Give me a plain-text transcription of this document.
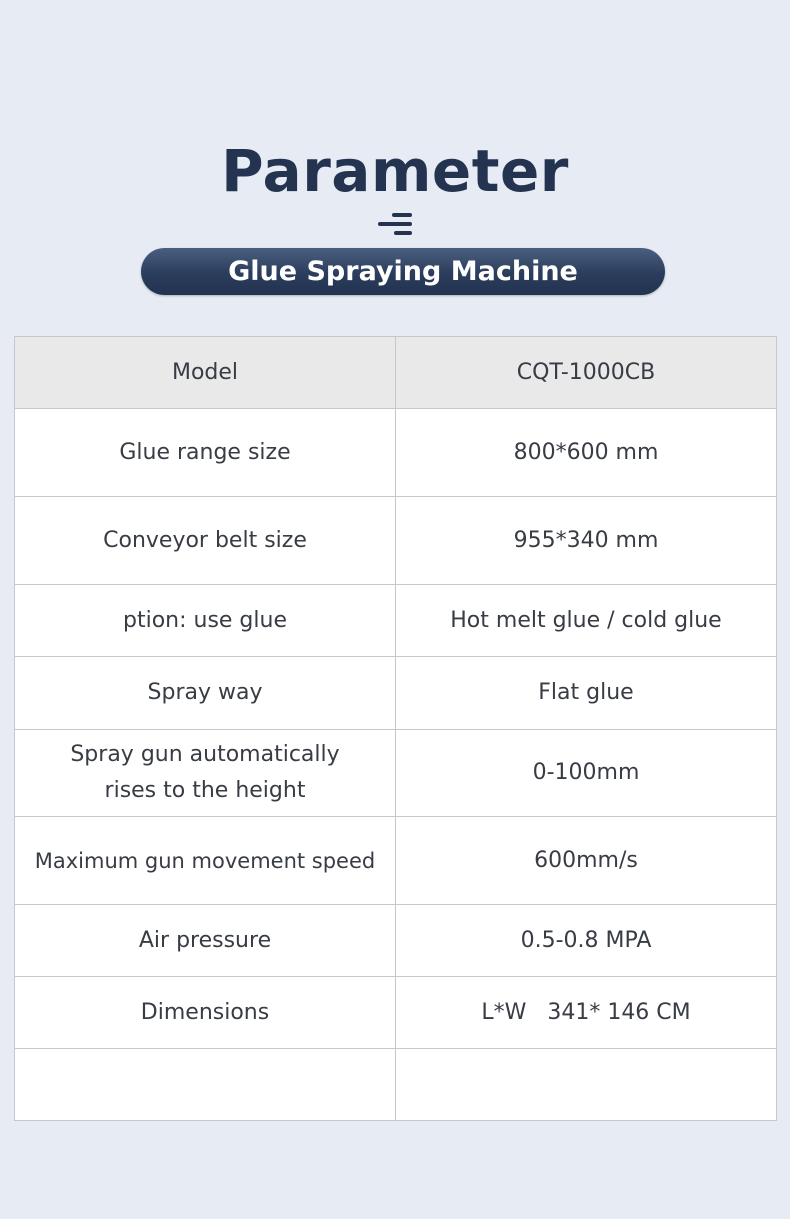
Parameter
Glue Spraying Machine
Model	CQT-1000CB
Glue range size	800*600 mm
Conveyor belt size	955*340 mm
ption: use glue	Hot melt glue / cold glue
Spray way	Flat glue
Spray gun automatically
rises to the height	0-100mm
Maximum gun movement speed	600mm/s
Air pressure	0.5-0.8 MPA
Dimensions	L*W   341* 146 CM
